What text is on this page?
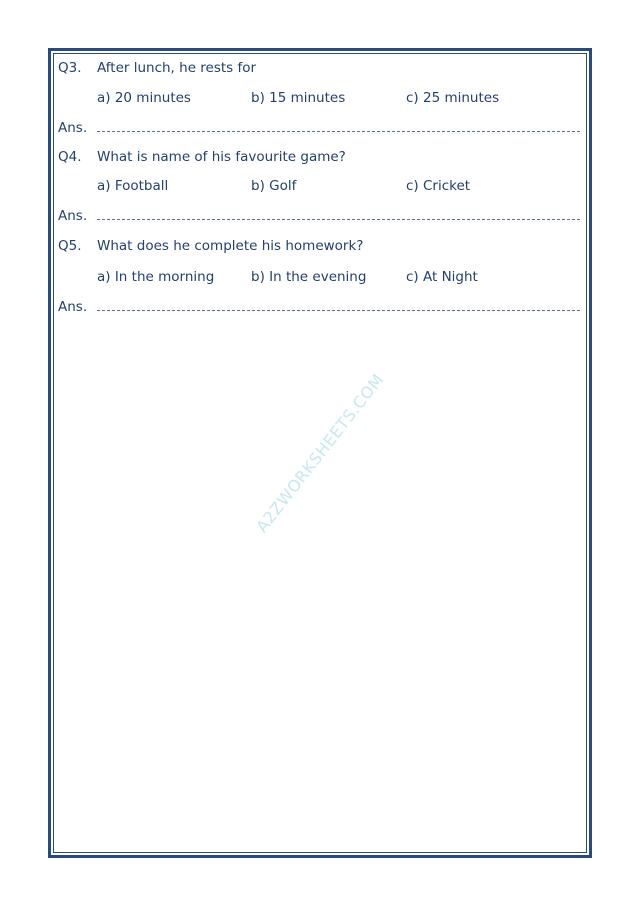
Q3. After lunch, he rests for
a) 20 minutes	b) 15 minutes	c) 25 minutes
Ans.
Q4. What is name of his favourite game?
a) Football	b) Golf	c) Cricket
Ans.
Q5. What does he complete his homework?
a) In the morning	b) In the evening	c) At Night
Ans.
A2ZWORKSHEETS.COM
